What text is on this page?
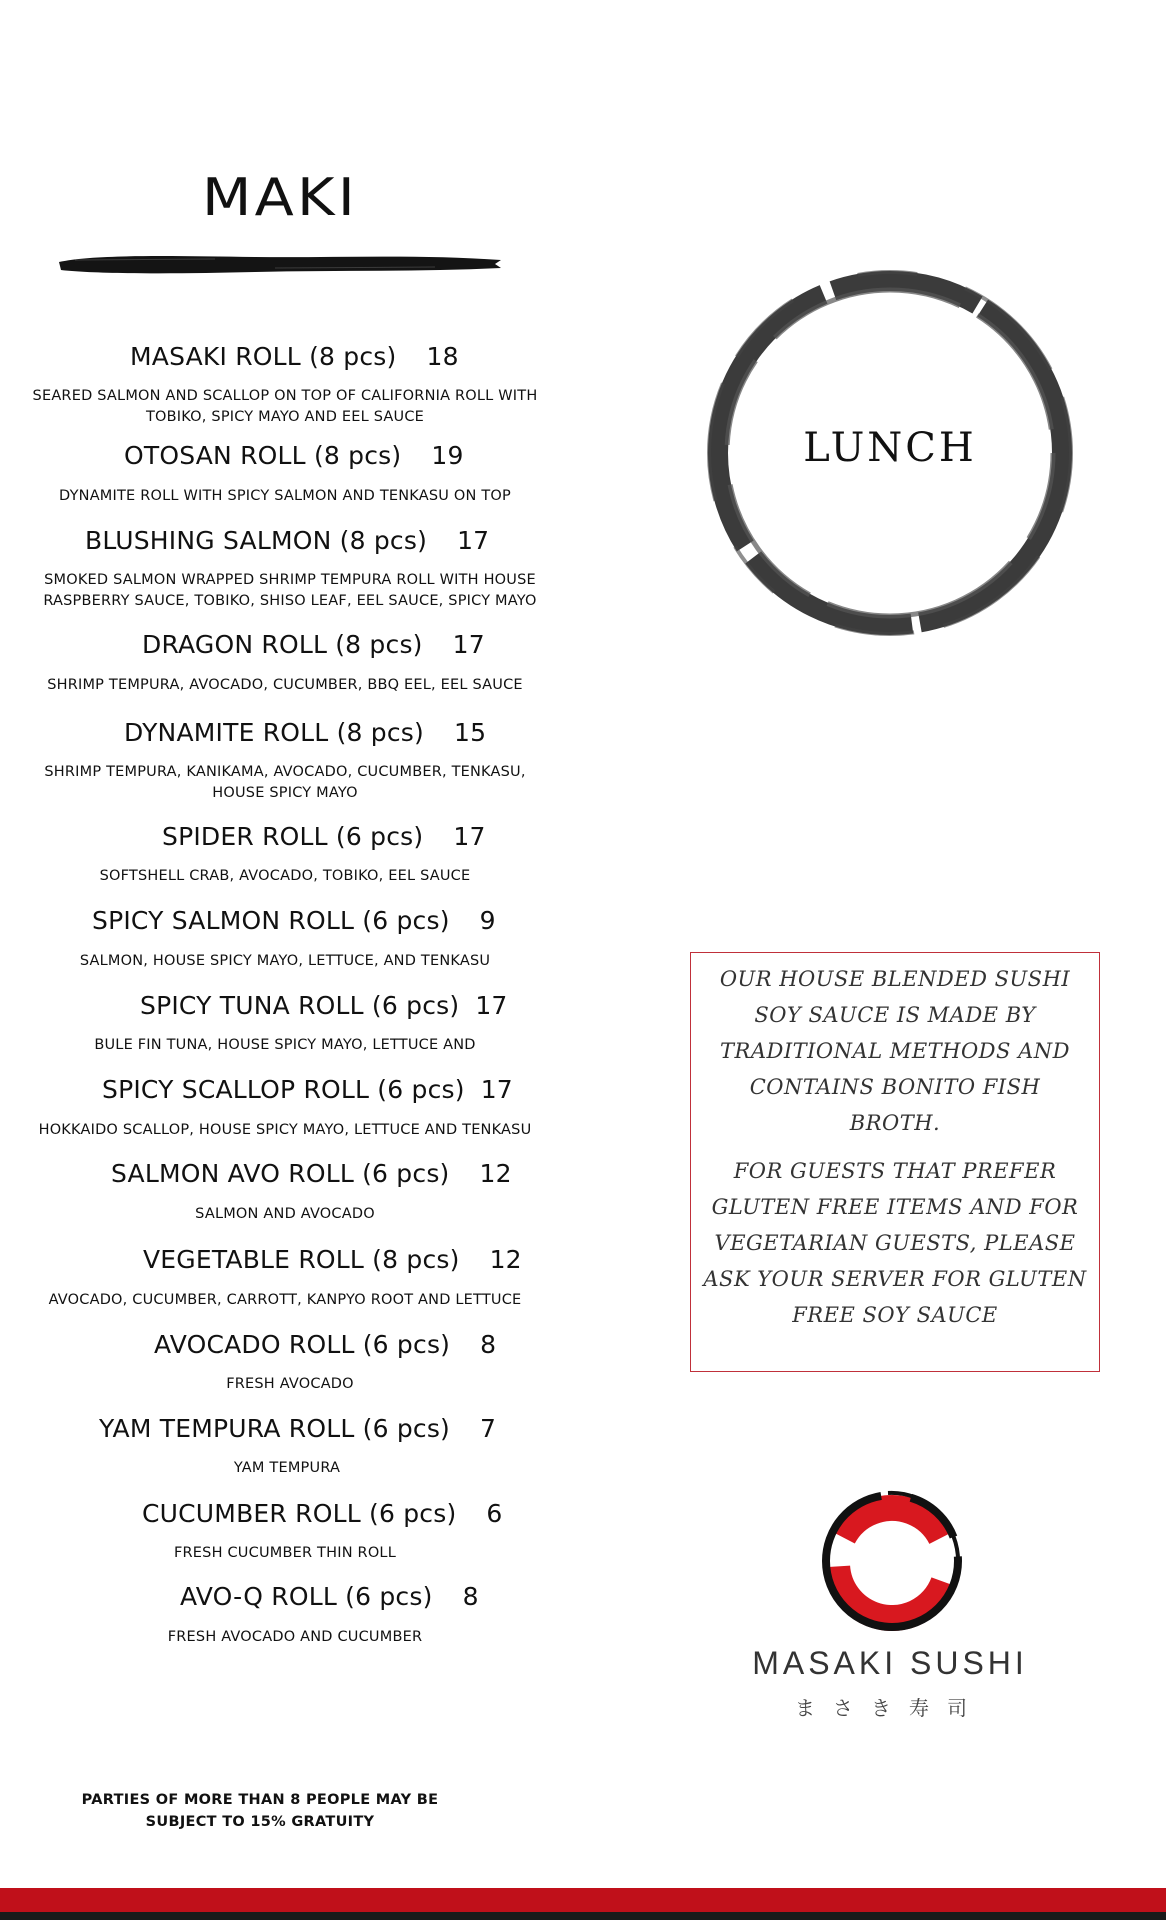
MAKI
MASAKI ROLL (8 pcs) 18
SEARED SALMON AND SCALLOP ON TOP OF CALIFORNIA ROLL WITH TOBIKO, SPICY MAYO AND EEL SAUCE
OTOSAN ROLL (8 pcs) 19
DYNAMITE ROLL WITH SPICY SALMON AND TENKASU ON TOP
BLUSHING SALMON (8 pcs) 17
SMOKED SALMON WRAPPED SHRIMP TEMPURA ROLL WITH HOUSE RASPBERRY SAUCE, TOBIKO, SHISO LEAF, EEL SAUCE, SPICY MAYO
DRAGON ROLL (8 pcs) 17
SHRIMP TEMPURA, AVOCADO, CUCUMBER, BBQ EEL, EEL SAUCE
DYNAMITE ROLL (8 pcs) 15
SHRIMP TEMPURA, KANIKAMA, AVOCADO, CUCUMBER, TENKASU, HOUSE SPICY MAYO
SPIDER ROLL (6 pcs) 17
SOFTSHELL CRAB, AVOCADO, TOBIKO, EEL SAUCE
SPICY SALMON ROLL (6 pcs) 9
SALMON, HOUSE SPICY MAYO, LETTUCE, AND TENKASU
SPICY TUNA ROLL (6 pcs) 17
BULE FIN TUNA, HOUSE SPICY MAYO, LETTUCE AND
SPICY SCALLOP ROLL (6 pcs) 17
HOKKAIDO SCALLOP, HOUSE SPICY MAYO, LETTUCE AND TENKASU
SALMON AVO ROLL (6 pcs) 12
SALMON AND AVOCADO
VEGETABLE ROLL (8 pcs) 12
AVOCADO, CUCUMBER, CARROTT, KANPYO ROOT AND LETTUCE
AVOCADO ROLL (6 pcs) 8
FRESH AVOCADO
YAM TEMPURA ROLL (6 pcs) 7
YAM TEMPURA
CUCUMBER ROLL (6 pcs) 6
FRESH CUCUMBER THIN ROLL
AVO-Q ROLL (6 pcs) 8
FRESH AVOCADO AND CUCUMBER
LUNCH

OUR HOUSE BLENDED SUSHI SOY SAUCE IS MADE BY TRADITIONAL METHODS AND CONTAINS BONITO FISH BROTH.

FOR GUESTS THAT PREFER GLUTEN FREE ITEMS AND FOR VEGETARIAN GUESTS, PLEASE ASK YOUR SERVER FOR GLUTEN FREE SOY SAUCE

MASAKI SUSHI
まさき寿司
PARTIES OF MORE THAN 8 PEOPLE MAY BE SUBJECT TO 15% GRATUITY
